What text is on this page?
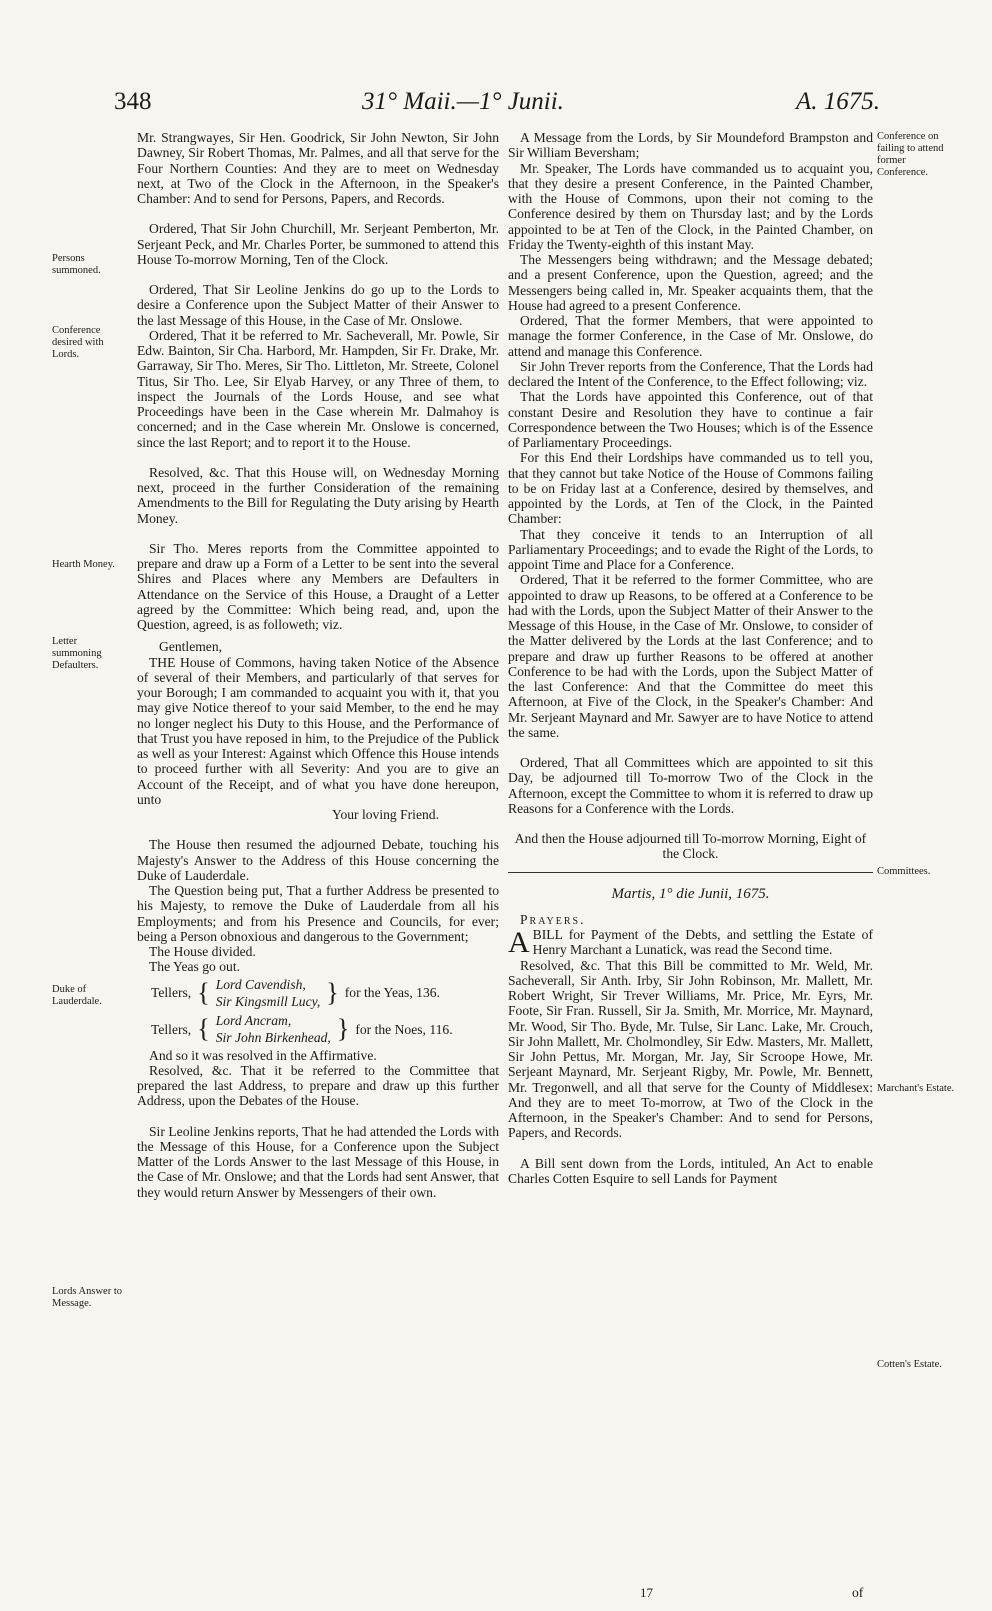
348	31° Maii.—1° Junii.	A. 1675.

Mr. Strangwayes, Sir Hen. Goodrick, Sir John Newton, Sir John Dawney, Sir Robert Thomas, Mr. Palmes, and all that serve for the Four Northern Counties: And they are to meet on Wednesday next, at Two of the Clock in the Afternoon, in the Speaker's Chamber: And to send for Persons, Papers, and Records.

Ordered, That Sir John Churchill, Mr. Serjeant Pemberton, Mr. Serjeant Peck, and Mr. Charles Porter, be summoned to attend this House To-morrow Morning, Ten of the Clock.

Ordered, That Sir Leoline Jenkins do go up to the Lords to desire a Conference upon the Subject Matter of their Answer to the last Message of this House, in the Case of Mr. Onslowe.

Ordered, That it be referred to Mr. Sacheverall, Mr. Powle, Sir Edw. Bainton, Sir Cha. Harbord, Mr. Hampden, Sir Fr. Drake, Mr. Garraway, Sir Tho. Meres, Sir Tho. Littleton, Mr. Streete, Colonel Titus, Sir Tho. Lee, Sir Elyab Harvey, or any Three of them, to inspect the Journals of the Lords House, and see what Proceedings have been in the Case wherein Mr. Dalmahoy is concerned; and in the Case wherein Mr. Onslowe is concerned, since the last Report; and to report it to the House.

Resolved, &c. That this House will, on Wednesday Morning next, proceed in the further Consideration of the remaining Amendments to the Bill for Regulating the Duty arising by Hearth Money.

Sir Tho. Meres reports from the Committee appointed to prepare and draw up a Form of a Letter to be sent into the several Shires and Places where any Members are Defaulters in Attendance on the Service of this House, a Draught of a Letter agreed by the Committee: Which being read, and, upon the Question, agreed, is as followeth; viz.

Gentlemen,

THE House of Commons, having taken Notice of the Absence of several of their Members, and particularly of that serves for your Borough; I am commanded to acquaint you with it, that you may give Notice thereof to your said Member, to the end he may no longer neglect his Duty to this House, and the Performance of that Trust you have reposed in him, to the Prejudice of the Publick as well as your Interest: Against which Offence this House intends to proceed further with all Severity: And you are to give an Account of the Receipt, and of what you have done hereupon, unto

Your loving Friend.

The House then resumed the adjourned Debate, touching his Majesty's Answer to the Address of this House concerning the Duke of Lauderdale.

The Question being put, That a further Address be presented to his Majesty, to remove the Duke of Lauderdale from all his Employments; and from his Presence and Councils, for ever; being a Person obnoxious and dangerous to the Government;

The House divided.

The Yeas go out.

Tellers,	{	Lord Cavendish,	}	for the Yeas, 136.
Sir Kingsmill Lucy,
Tellers,	{	Lord Ancram,	}	for the Noes, 116.
Sir John Birkenhead,

And so it was resolved in the Affirmative.

Resolved, &c. That it be referred to the Committee that prepared the last Address, to prepare and draw up this further Address, upon the Debates of the House.

Sir Leoline Jenkins reports, That he had attended the Lords with the Message of this House, for a Conference upon the Subject Matter of the Lords Answer to the last Message of this House, in the Case of Mr. Onslowe; and that the Lords had sent Answer, that they would return Answer by Messengers of their own.

A Message from the Lords, by Sir Moundeford Brampston and Sir William Beversham;

Mr. Speaker, The Lords have commanded us to acquaint you, that they desire a present Conference, in the Painted Chamber, with the House of Commons, upon their not coming to the Conference desired by them on Thursday last; and by the Lords appointed to be at Ten of the Clock, in the Painted Chamber, on Friday the Twenty-eighth of this instant May.

The Messengers being withdrawn; and the Message debated; and a present Conference, upon the Question, agreed; and the Messengers being called in, Mr. Speaker acquaints them, that the House had agreed to a present Conference.

Ordered, That the former Members, that were appointed to manage the former Conference, in the Case of Mr. Onslowe, do attend and manage this Conference.

Sir John Trever reports from the Conference, That the Lords had declared the Intent of the Conference, to the Effect following; viz.

That the Lords have appointed this Conference, out of that constant Desire and Resolution they have to continue a fair Correspondence between the Two Houses; which is of the Essence of Parliamentary Proceedings.

For this End their Lordships have commanded us to tell you, that they cannot but take Notice of the House of Commons failing to be on Friday last at a Conference, desired by themselves, and appointed by the Lords, at Ten of the Clock, in the Painted Chamber:

That they conceive it tends to an Interruption of all Parliamentary Proceedings; and to evade the Right of the Lords, to appoint Time and Place for a Conference.

Ordered, That it be referred to the former Committee, who are appointed to draw up Reasons, to be offered at a Conference to be had with the Lords, upon the Subject Matter of their Answer to the Message of this House, in the Case of Mr. Onslowe, to consider of the Matter delivered by the Lords at the last Conference; and to prepare and draw up further Reasons to be offered at another Conference to be had with the Lords, upon the Subject Matter of the last Conference: And that the Committee do meet this Afternoon, at Five of the Clock, in the Speaker's Chamber: And Mr. Serjeant Maynard and Mr. Sawyer are to have Notice to attend the same.

Ordered, That all Committees which are appointed to sit this Day, be adjourned till To-morrow Two of the Clock in the Afternoon, except the Committee to whom it is referred to draw up Reasons for a Conference with the Lords.

And then the House adjourned till To-morrow Morning, Eight of the Clock.

Martis, 1° die Junii, 1675.

Prayers.

ABILL for Payment of the Debts, and settling the Estate of Henry Marchant a Lunatick, was read the Second time.

Resolved, &c. That this Bill be committed to Mr. Weld, Mr. Sacheverall, Sir Anth. Irby, Sir John Robinson, Mr. Mallett, Mr. Robert Wright, Sir Trever Williams, Mr. Price, Mr. Eyrs, Mr. Foote, Sir Fran. Russell, Sir Ja. Smith, Mr. Morrice, Mr. Maynard, Mr. Wood, Sir Tho. Byde, Mr. Tulse, Sir Lanc. Lake, Mr. Crouch, Sir John Mallett, Mr. Cholmondley, Sir Edw. Masters, Mr. Mallett, Sir John Pettus, Mr. Morgan, Mr. Jay, Sir Scroope Howe, Mr. Serjeant Maynard, Mr. Serjeant Rigby, Mr. Powle, Mr. Bennett, Mr. Tregonwell, and all that serve for the County of Middlesex: And they are to meet To-morrow, at Two of the Clock in the Afternoon, in the Speaker's Chamber: And to send for Persons, Papers, and Records.

A Bill sent down from the Lords, intituled, An Act to enable Charles Cotten Esquire to sell Lands for Payment

Persons summoned.
Conference desired with Lords.
Hearth Money.
Letter summoning Defaulters.
Duke of Lauderdale.
Lords Answer to Message.
Conference on failing to attend former Conference.
Committees.
Marchant's Estate.
Cotten's Estate.
17	of
